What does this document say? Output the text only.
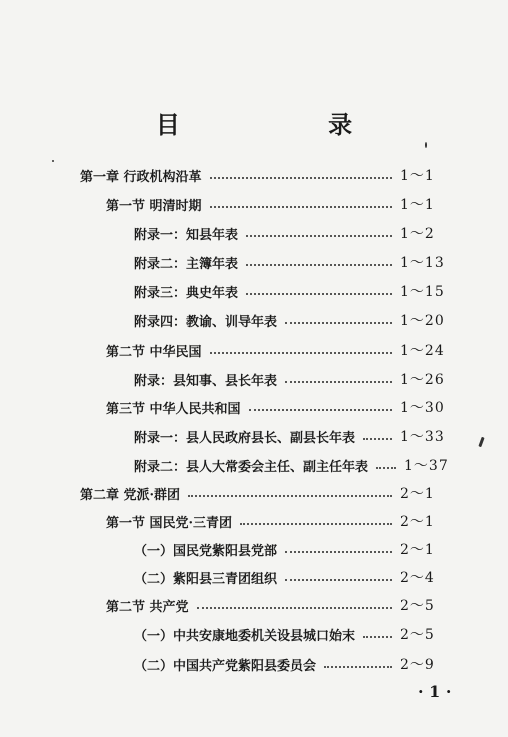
目 录
第一章 行政机构沿革	1～1
第一节 明清时期	1～1
附录一：知县年表	1～2
附录二：主簿年表	1～13
附录三：典史年表	1～15
附录四：教谕、训导年表	1～20
第二节 中华民国	1～24
附录：县知事、县长年表	1～26
第三节 中华人民共和国	1～30
附录一：县人民政府县长、副县长年表	1～33
附录二：县人大常委会主任、副主任年表	1～37
第二章 党派·群团	2～1
第一节 国民党·三青团	2～1
（一）国民党紫阳县党部	2～1
（二）紫阳县三青团组织	2～4
第二节 共产党	2～5
（一）中共安康地委机关设县城口始末	2～5
（二）中国共产党紫阳县委员会	2～9
· 1 ·
